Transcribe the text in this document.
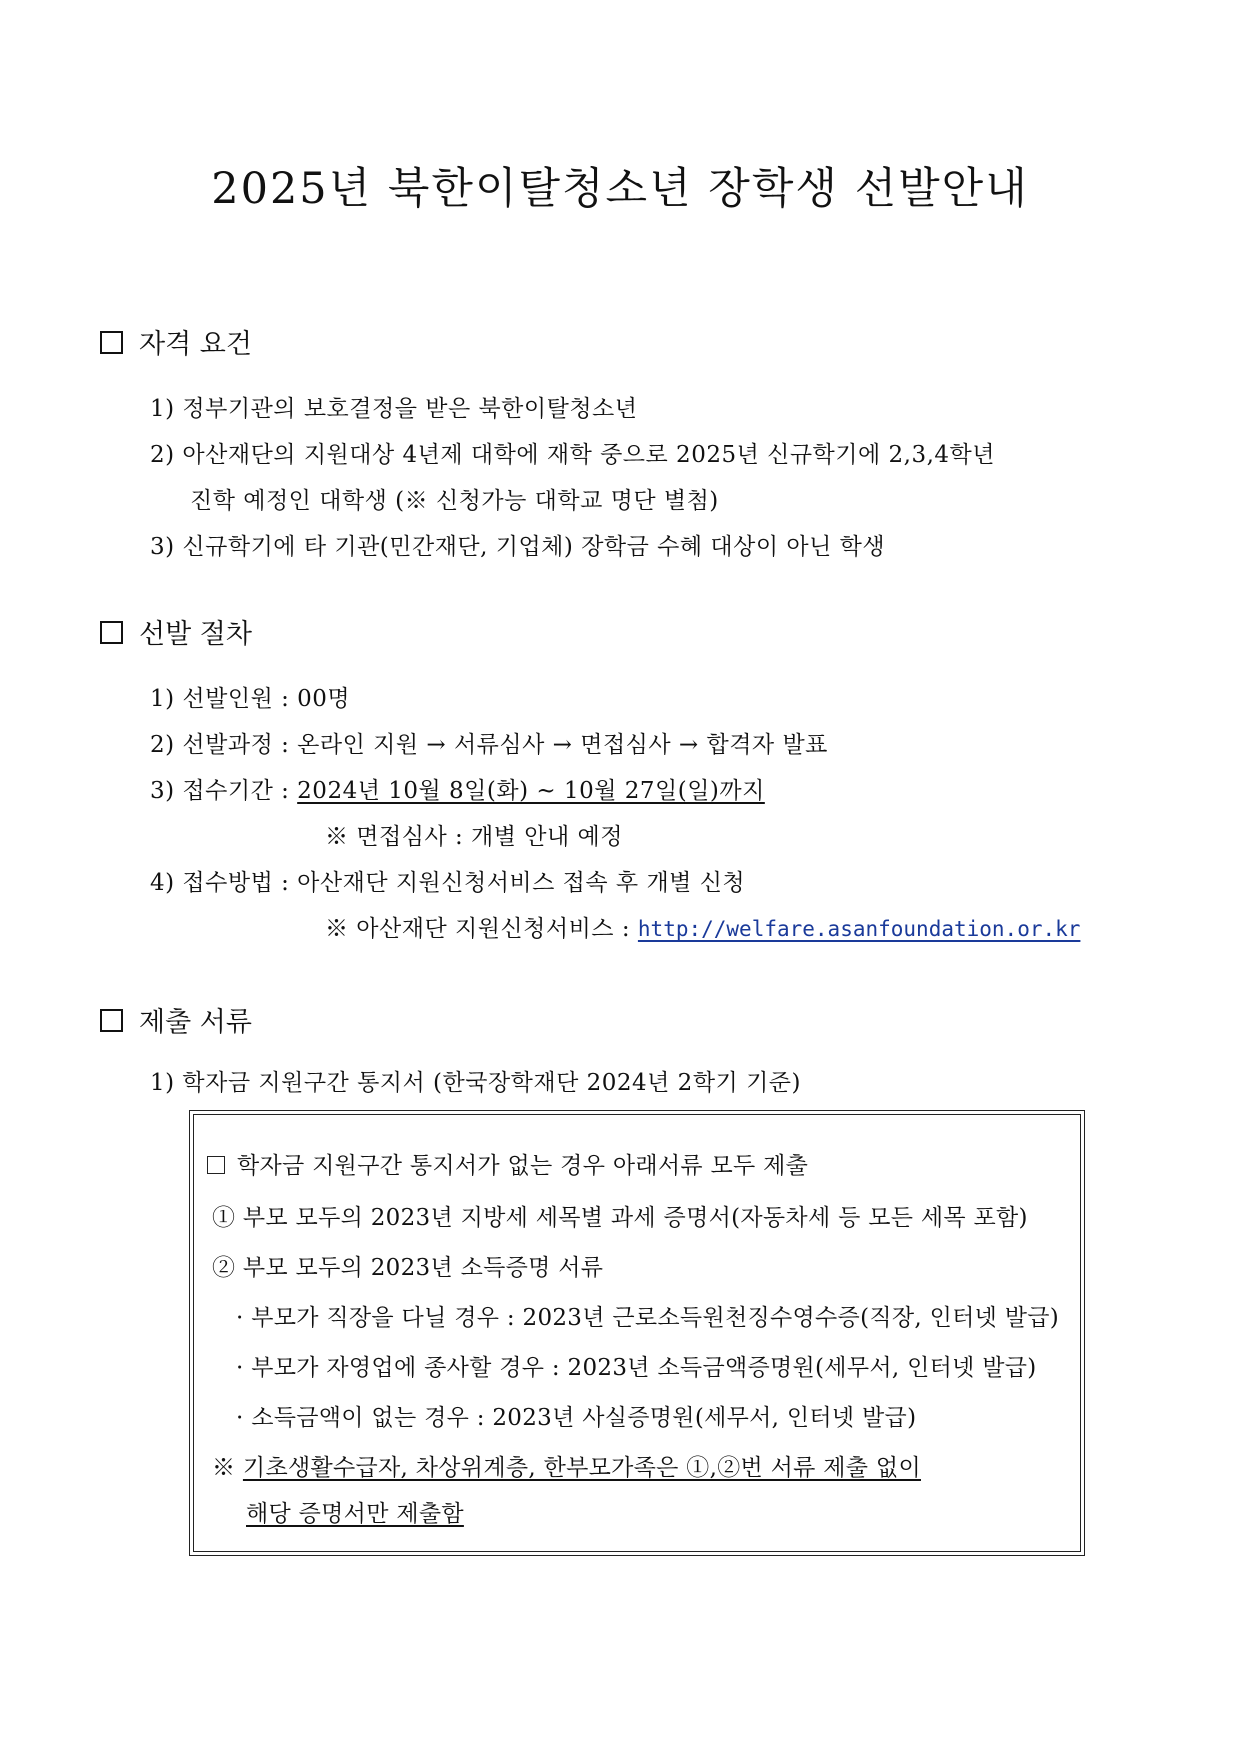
2025년 북한이탈청소년 장학생 선발안내
자격 요건
1) 정부기관의 보호결정을 받은 북한이탈청소년
2) 아산재단의 지원대상 4년제 대학에 재학 중으로 2025년 신규학기에 2,3,4학년
진학 예정인 대학생 (※ 신청가능 대학교 명단 별첨)
3) 신규학기에 타 기관(민간재단, 기업체) 장학금 수혜 대상이 아닌 학생
선발 절차
1) 선발인원 : 00명
2) 선발과정 : 온라인 지원 → 서류심사 → 면접심사 → 합격자 발표
3) 접수기간 : 2024년 10월 8일(화) ~ 10월 27일(일)까지
※ 면접심사 : 개별 안내 예정
4) 접수방법 : 아산재단 지원신청서비스 접속 후 개별 신청
※ 아산재단 지원신청서비스 : http://welfare.asanfoundation.or.kr
제출 서류
1) 학자금 지원구간 통지서 (한국장학재단 2024년 2학기 기준)
학자금 지원구간 통지서가 없는 경우 아래서류 모두 제출
① 부모 모두의 2023년 지방세 세목별 과세 증명서(자동차세 등 모든 세목 포함)
② 부모 모두의 2023년 소득증명 서류
· 부모가 직장을 다닐 경우 : 2023년 근로소득원천징수영수증(직장, 인터넷 발급)
· 부모가 자영업에 종사할 경우 : 2023년 소득금액증명원(세무서, 인터넷 발급)
· 소득금액이 없는 경우 : 2023년 사실증명원(세무서, 인터넷 발급)
※ 기초생활수급자, 차상위계층, 한부모가족은 ①,②번 서류 제출 없이
해당 증명서만 제출함
